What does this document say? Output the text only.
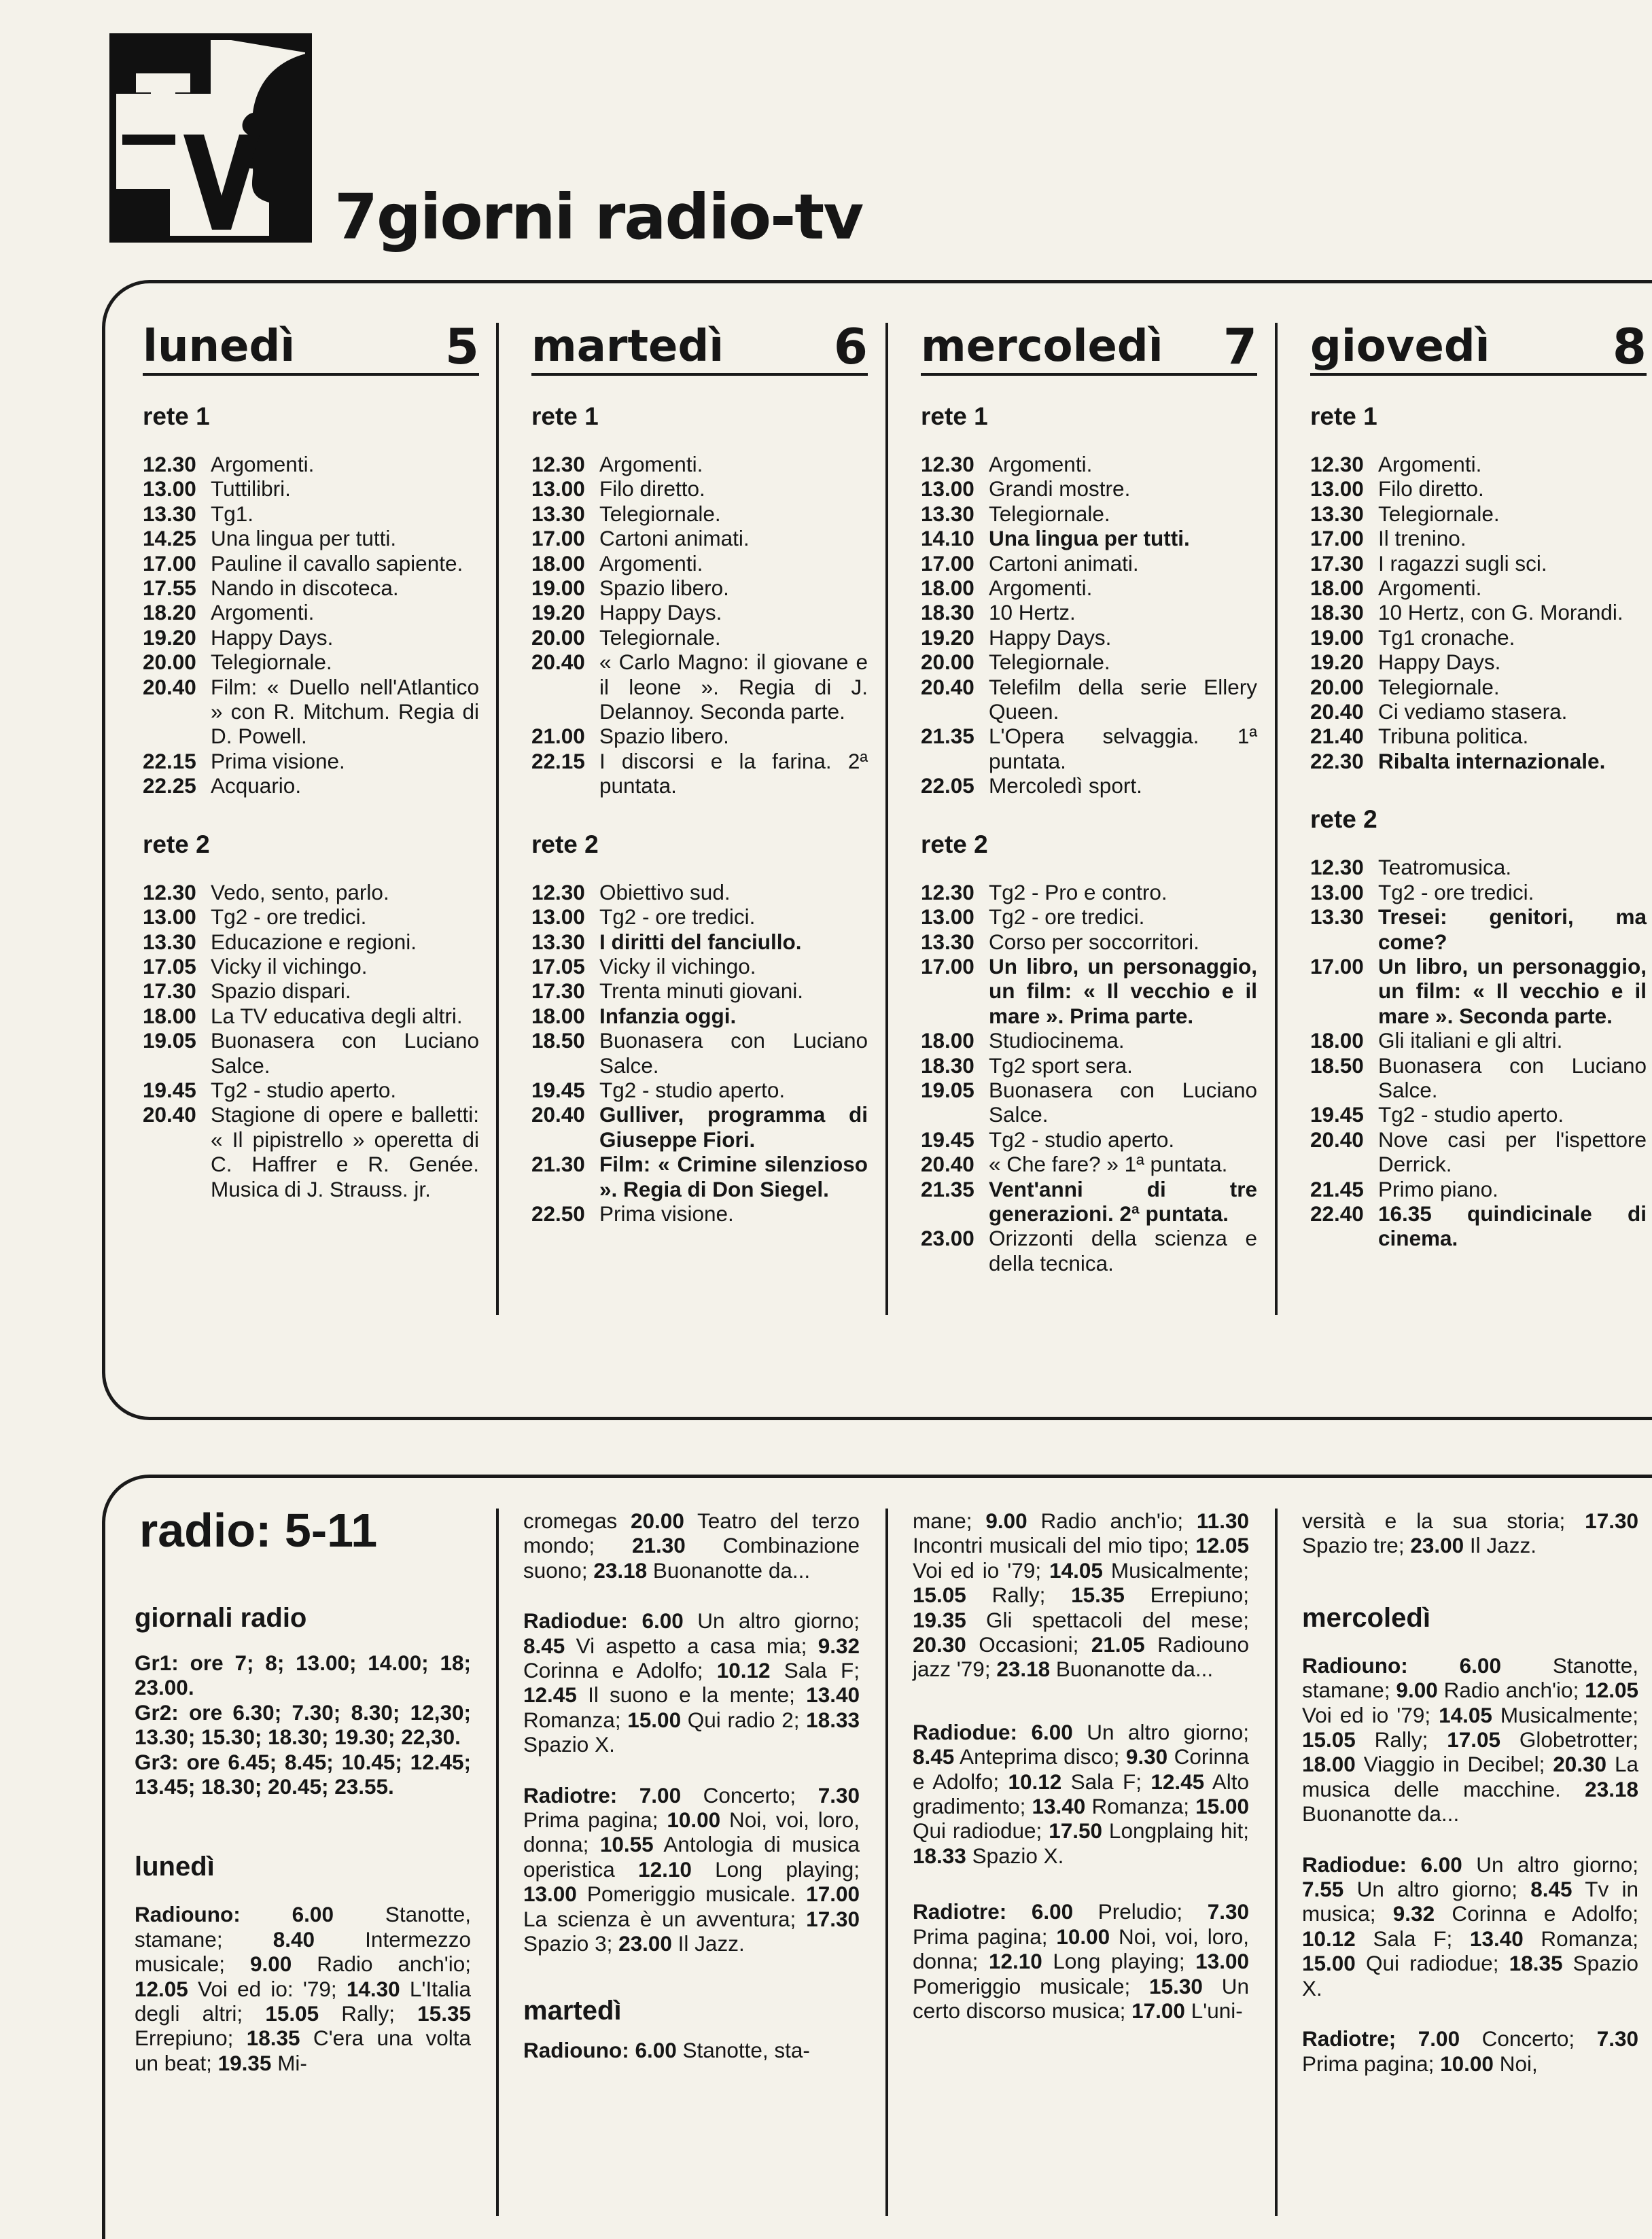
7giorni radio-tv
lunedì	5
rete 1
12.30 Argomenti.
13.00 Tuttilibri.
13.30 Tg1.
14.25 Una lingua per tutti.
17.00 Pauline il cavallo sapiente.
17.55 Nando in discoteca.
18.20 Argomenti.
19.20 Happy Days.
20.00 Telegiornale.
20.40 Film: « Duello nell'Atlantico » con R. Mitchum. Regia di D. Powell.
22.15 Prima visione.
22.25 Acquario.
rete 2
12.30 Vedo, sento, parlo.
13.00 Tg2 - ore tredici.
13.30 Educazione e regioni.
17.05 Vicky il vichingo.
17.30 Spazio dispari.
18.00 La TV educativa degli altri.
19.05 Buonasera con Luciano Salce.
19.45 Tg2 - studio aperto.
20.40 Stagione di opere e balletti: « Il pipistrello » operetta di C. Haffrer e R. Genée. Musica di J. Strauss. jr.
martedì 6
rete 1
12.30 Argomenti.
13.00 Filo diretto.
13.30 Telegiornale.
17.00 Cartoni animati.
18.00 Argomenti.
19.00 Spazio libero.
19.20 Happy Days.
20.00 Telegiornale.
20.40 « Carlo Magno: il giovane e il leone ». Regia di J. Delannoy. Seconda parte.
21.00 Spazio libero.
22.15 I discorsi e la farina. 2ª puntata.
rete 2
12.30 Obiettivo sud.
13.00 Tg2 - ore tredici.
13.30 I diritti del fanciullo.
17.05 Vicky il vichingo.
17.30 Trenta minuti giovani.
18.00 Infanzia oggi.
18.50 Buonasera con Luciano Salce.
19.45 Tg2 - studio aperto.
20.40 Gulliver, programma di Giuseppe Fiori.
21.30 Film: « Crimine silenzioso ». Regia di Don Siegel.
22.50 Prima visione.
mercoledì 7
rete 1
12.30 Argomenti.
13.00 Grandi mostre.
13.30 Telegiornale.
14.10 Una lingua per tutti.
17.00 Cartoni animati.
18.00 Argomenti.
18.30 10 Hertz.
19.20 Happy Days.
20.00 Telegiornale.
20.40 Telefilm della serie Ellery Queen.
21.35 L'Opera selvaggia. 1ª puntata.
22.05 Mercoledì sport.
rete 2
12.30 Tg2 - Pro e contro.
13.00 Tg2 - ore tredici.
13.30 Corso per soccorritori.
17.00 Un libro, un personaggio, un film: « Il vecchio e il mare ». Prima parte.
18.00 Studiocinema.
18.30 Tg2 sport sera.
19.05 Buonasera con Luciano Salce.
19.45 Tg2 - studio aperto.
20.40 « Che fare? » 1ª puntata.
21.35 Vent'anni di tre generazioni. 2ª puntata.
23.00 Orizzonti della scienza e della tecnica.
giovedì	8
rete 1
12.30 Argomenti.
13.00 Filo diretto.
13.30 Telegiornale.
17.00 Il trenino.
17.30 I ragazzi sugli sci.
18.00 Argomenti.
18.30 10 Hertz, con G. Morandi.
19.00 Tg1 cronache.
19.20 Happy Days.
20.00 Telegiornale.
20.40 Ci vediamo stasera.
21.40 Tribuna politica.
22.30 Ribalta internazionale.
rete 2
12.30 Teatromusica.
13.00 Tg2 - ore tredici.
13.30 Tresei: genitori, ma come?
17.00 Un libro, un personaggio, un film: « Il vecchio e il mare ». Seconda parte.
18.00 Gli italiani e gli altri.
18.50 Buonasera con Luciano Salce.
19.45 Tg2 - studio aperto.
20.40 Nove casi per l'ispettore Derrick.
21.45 Primo piano.
22.40 16.35 quindicinale di cinema.
radio: 5-11
giornali radio

Gr1: ore 7; 8; 13.00; 14.00; 18; 23.00.

Gr2: ore 6.30; 7.30; 8.30; 12,30; 13.30; 15.30; 18.30; 19.30; 22,30.

Gr3: ore 6.45; 8.45; 10.45; 12.45; 13.45; 18.30; 20.45; 23.55.

lunedì

Radiouno: 6.00 Stanotte, stamane; 8.40 Intermezzo musicale; 9.00 Radio anch'io; 12.05 Voi ed io: '79; 14.30 L'Italia degli altri; 15.05 Rally; 15.35 Errepiuno; 18.35 C'era una volta un beat; 19.35 Mi-

cromegas 20.00 Teatro del terzo mondo; 21.30 Combinazione suono; 23.18 Buonanotte da...

Radiodue: 6.00 Un altro giorno; 8.45 Vi aspetto a casa mia; 9.32 Corinna e Adolfo; 10.12 Sala F; 12.45 Il suono e la mente; 13.40 Romanza; 15.00 Qui radio 2; 18.33 Spazio X.

Radiotre: 7.00 Concerto; 7.30 Prima pagina; 10.00 Noi, voi, loro, donna; 10.55 Antologia di musica operistica 12.10 Long playing; 13.00 Pomeriggio musicale. 17.00 La scienza è un avventura; 17.30 Spazio 3; 23.00 Il Jazz.

martedì

Radiouno: 6.00 Stanotte, sta-

mane; 9.00 Radio anch'io; 11.30 Incontri musicali del mio tipo; 12.05 Voi ed io '79; 14.05 Musicalmente; 15.05 Rally; 15.35 Errepiuno; 19.35 Gli spettacoli del mese; 20.30 Occasioni; 21.05 Radiouno jazz '79; 23.18 Buonanotte da...

Radiodue: 6.00 Un altro giorno; 8.45 Anteprima disco; 9.30 Corinna e Adolfo; 10.12 Sala F; 12.45 Alto gradimento; 13.40 Romanza; 15.00 Qui radiodue; 17.50 Longplaing hit; 18.33 Spazio X.

Radiotre: 6.00 Preludio; 7.30 Prima pagina; 10.00 Noi, voi, loro, donna; 12.10 Long playing; 13.00 Pomeriggio musicale; 15.30 Un certo discorso musica; 17.00 L'uni-

versità e la sua storia; 17.30 Spazio tre; 23.00 Il Jazz.

mercoledì

Radiouno: 6.00 Stanotte, stamane; 9.00 Radio anch'io; 12.05 Voi ed io '79; 14.05 Musicalmente; 15.05 Rally; 17.05 Globetrotter; 18.00 Viaggio in Decibel; 20.30 La musica delle macchine. 23.18 Buonanotte da...

Radiodue: 6.00 Un altro giorno; 7.55 Un altro giorno; 8.45 Tv in musica; 9.32 Corinna e Adolfo; 10.12 Sala F; 13.40 Romanza; 15.00 Qui radiodue; 18.35 Spazio X.

Radiotre; 7.00 Concerto; 7.30 Prima pagina; 10.00 Noi,
